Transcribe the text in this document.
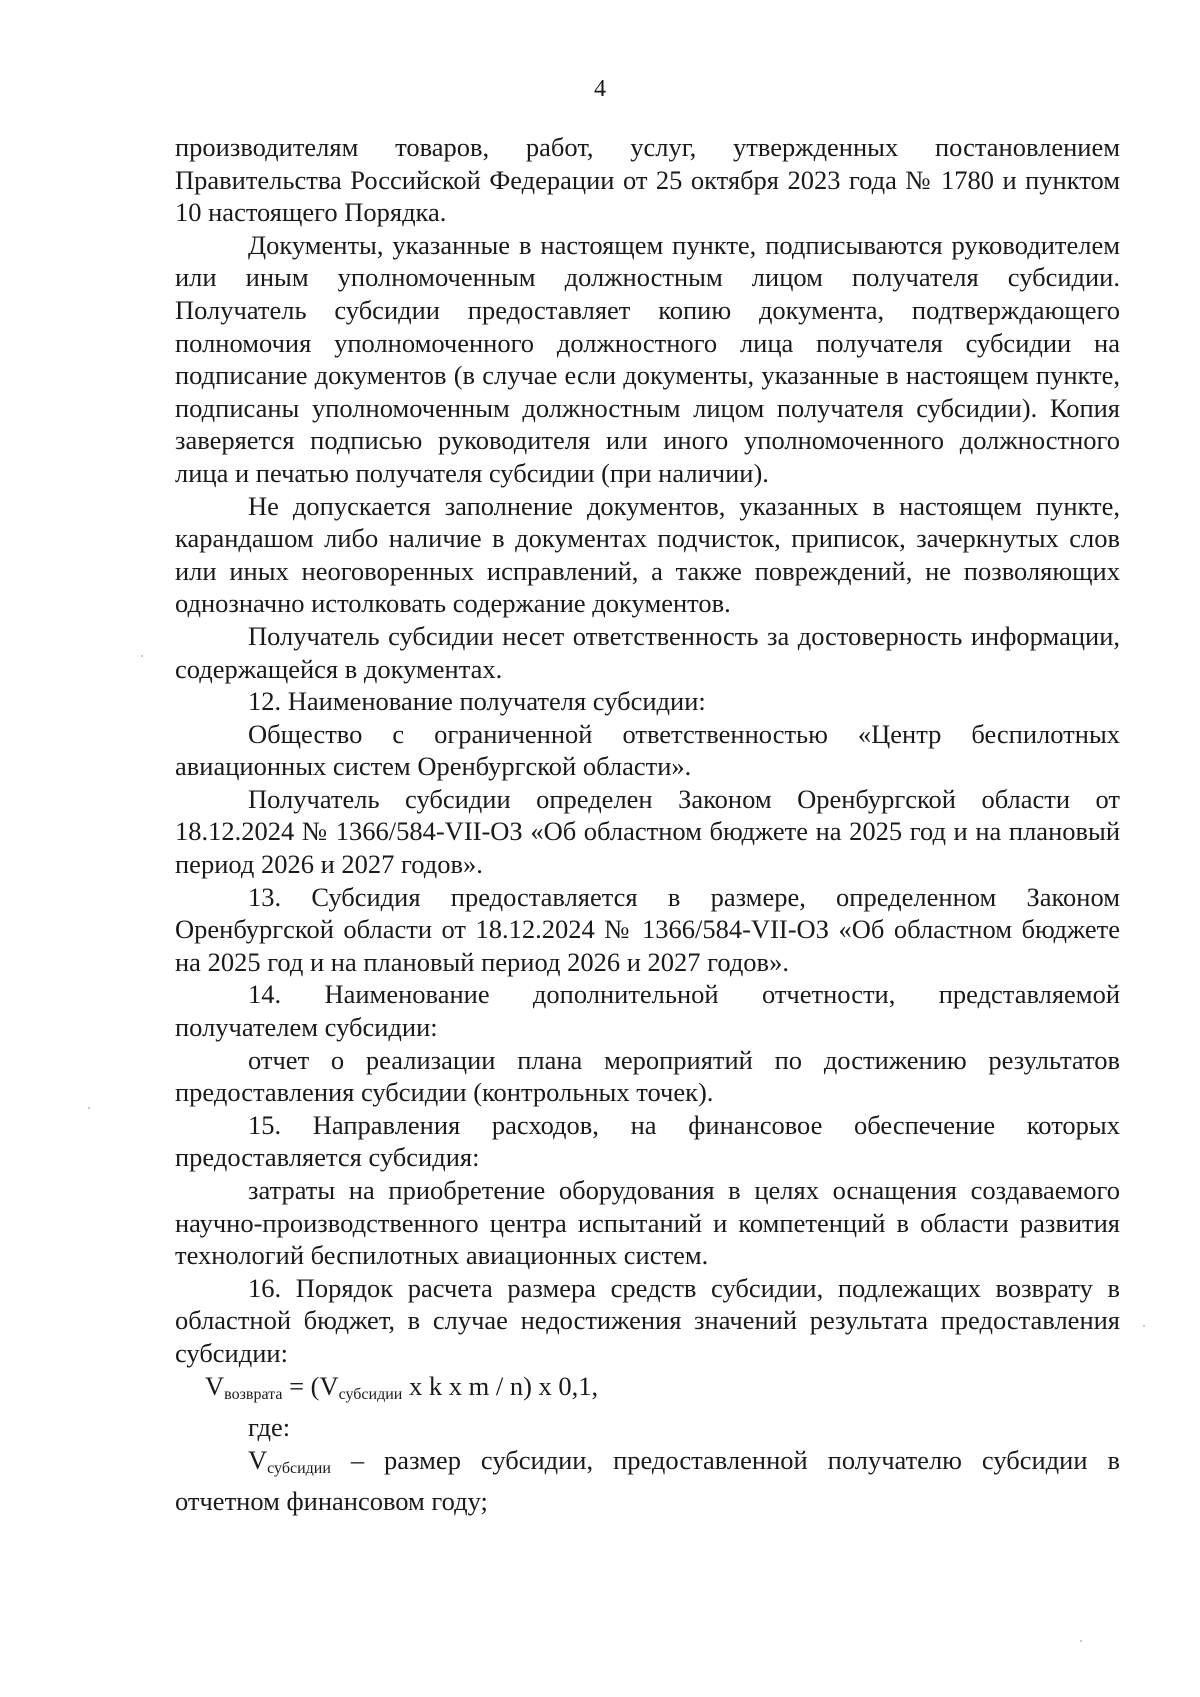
4

производителям товаров, работ, услуг, утвержденных постановлением Правительства Российской Федерации от 25 октября 2023 года № 1780 и пунктом 10 настоящего Порядка.

Документы, указанные в настоящем пункте, подписываются руководителем или иным уполномоченным должностным лицом получателя субсидии. Получатель субсидии предоставляет копию документа, подтверждающего полномочия уполномоченного должностного лица получателя субсидии на подписание документов (в случае если документы, указанные в настоящем пункте, подписаны уполномоченным должностным лицом получателя субсидии). Копия заверяется подписью руководителя или иного уполномоченного должностного лица и печатью получателя субсидии (при наличии).

Не допускается заполнение документов, указанных в настоящем пункте, карандашом либо наличие в документах подчисток, приписок, зачеркнутых слов или иных неоговоренных исправлений, а также повреждений, не позволяющих однозначно истолковать содержание документов.

Получатель субсидии несет ответственность за достоверность информации, содержащейся в документах.

12. Наименование получателя субсидии:

Общество с ограниченной ответственностью «Центр беспилотных авиационных систем Оренбургской области».

Получатель субсидии определен Законом Оренбургской области от 18.12.2024 № 1366/584-VII-ОЗ «Об областном бюджете на 2025 год и на плановый период 2026 и 2027 годов».

13. Субсидия предоставляется в размере, определенном Законом Оренбургской области от 18.12.2024 № 1366/584-VII-ОЗ «Об областном бюджете на 2025 год и на плановый период 2026 и 2027 годов».

14. Наименование дополнительной отчетности, представляемой получателем субсидии:

отчет о реализации плана мероприятий по достижению результатов предоставления субсидии (контрольных точек).

15. Направления расходов, на финансовое обеспечение которых предоставляется субсидия:

затраты на приобретение оборудования в целях оснащения создаваемого научно-производственного центра испытаний и компетенций в области развития технологий беспилотных авиационных систем.

16. Порядок расчета размера средств субсидии, подлежащих возврату в областной бюджет, в случае недостижения значений результата предоставления субсидии:

$V_{возврата} = (V_{субсидии}$ x k x m / n) x 0,1,

где:

Vсубсидии – размер субсидии, предоставленной получателю субсидии в отчетном финансовом году;
